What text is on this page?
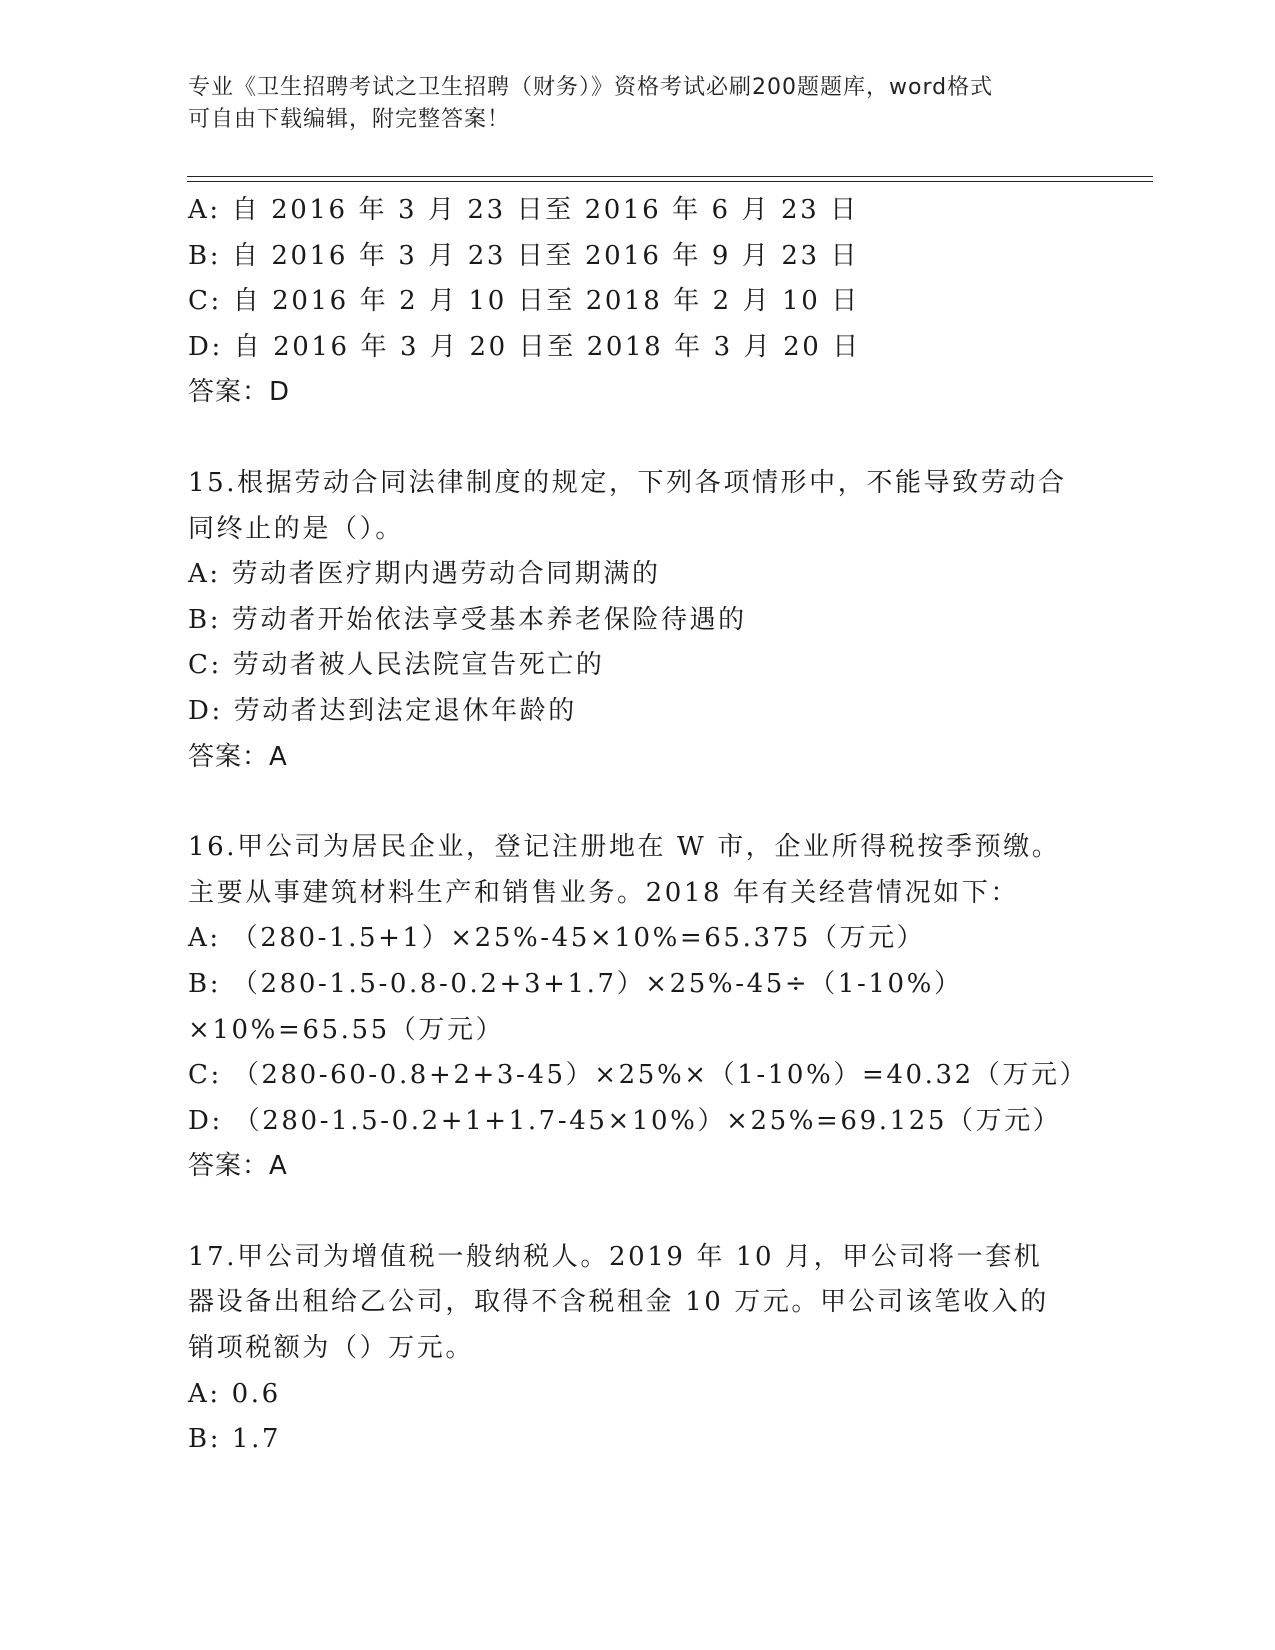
专业《卫生招聘考试之卫生招聘（财务）》资格考试必刷200题题库，word格式
可自由下载编辑，附完整答案！
A: 自 2016 年 3 月 23 日至 2016 年 6 月 23 日
B: 自 2016 年 3 月 23 日至 2016 年 9 月 23 日
C: 自 2016 年 2 月 10 日至 2018 年 2 月 10 日
D: 自 2016 年 3 月 20 日至 2018 年 3 月 20 日
答案：D
15.根据劳动合同法律制度的规定，下列各项情形中，不能导致劳动合同终止的是（）。
A: 劳动者医疗期内遇劳动合同期满的
B: 劳动者开始依法享受基本养老保险待遇的
C: 劳动者被人民法院宣告死亡的
D: 劳动者达到法定退休年龄的
答案：A
16.甲公司为居民企业，登记注册地在 W 市，企业所得税按季预缴。主要从事建筑材料生产和销售业务。2018 年有关经营情况如下：
A: （280-1.5+1）×25%-45×10%=65.375（万元）
B: （280-1.5-0.8-0.2+3+1.7）×25%-45÷（1-10%）×10%=65.55（万元）
C: （280-60-0.8+2+3-45）×25%×（1-10%）=40.32（万元）
D: （280-1.5-0.2+1+1.7-45×10%）×25%=69.125（万元）
答案：A
17.甲公司为增值税一般纳税人。2019 年 10 月，甲公司将一套机器设备出租给乙公司，取得不含税租金 10 万元。甲公司该笔收入的销项税额为（）万元。
A: 0.6
B: 1.7
